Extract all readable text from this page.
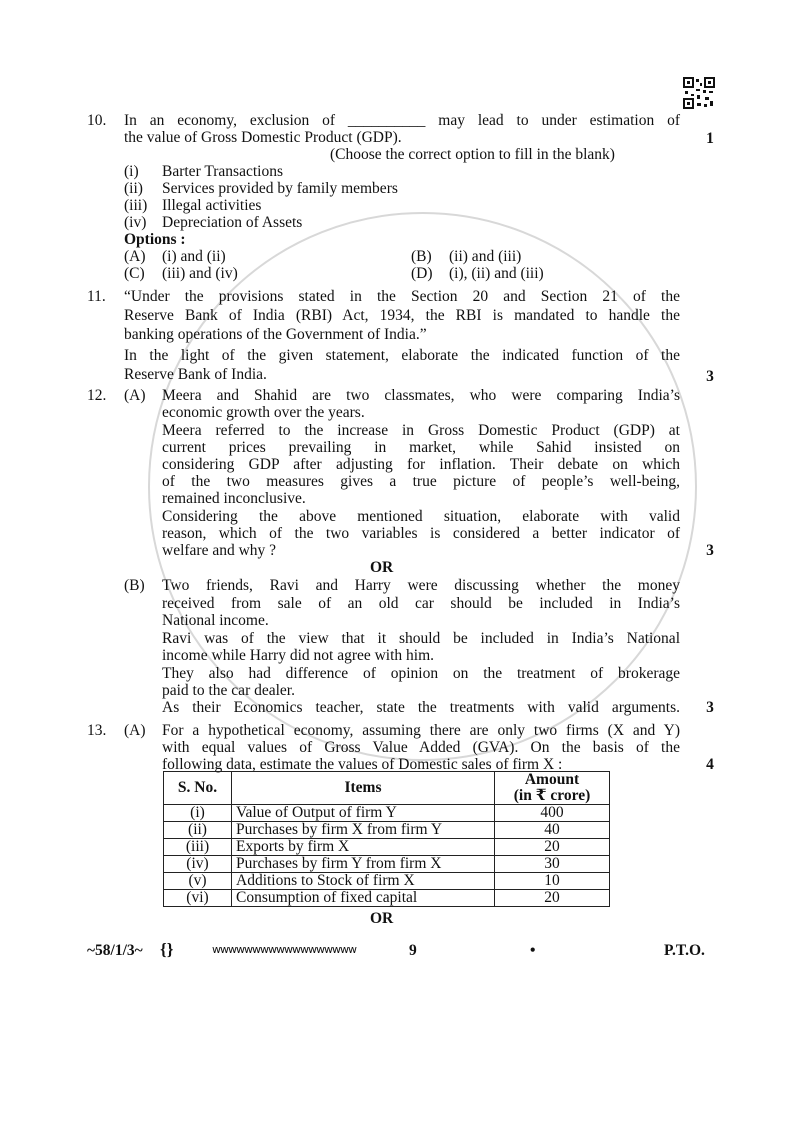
10. In an economy, exclusion of __________ may lead to under estimation of
the value of Gross Domestic Product (GDP).	1
(Choose the correct option to fill in the blank)
(i) Barter Transactions
(ii) Services provided by family members
(iii) Illegal activities
(iv) Depreciation of Assets
Options :
(A) (i) and (ii)	(B) (ii) and (iii)
(C) (iii) and (iv)	(D) (i), (ii) and (iii)
11. “Under the provisions stated in the Section 20 and Section 21 of the
Reserve Bank of India (RBI) Act, 1934, the RBI is mandated to handle the
banking operations of the Government of India.”
In the light of the given statement, elaborate the indicated function of the
Reserve Bank of India.	3
12. (A) Meera and Shahid are two classmates, who were comparing India’s
economic growth over the years.
Meera referred to the increase in Gross Domestic Product (GDP) at
current prices prevailing in market, while Sahid insisted on
considering GDP after adjusting for inflation. Their debate on which
of the two measures gives a true picture of people’s well-being,
remained inconclusive.
Considering the above mentioned situation, elaborate with valid
reason, which of the two variables is considered a better indicator of
welfare and why ?	3
OR
(B) Two friends, Ravi and Harry were discussing whether the money
received from sale of an old car should be included in India’s
National income.
Ravi was of the view that it should be included in India’s National
income while Harry did not agree with him.
They also had difference of opinion on the treatment of brokerage
paid to the car dealer.
As their Economics teacher, state the treatments with valid arguments.	3
13. (A) For a hypothetical economy, assuming there are only two firms (X and Y)
with equal values of Gross Value Added (GVA). On the basis of the
following data, estimate the values of Domestic sales of firm X :	4
S. No.	Items	Amount
(in ₹ crore)

(i)	Value of Output of firm Y	400
(ii)	Purchases by firm X from firm Y	40
(iii)	Exports by firm X	20
(iv)	Purchases by firm Y from firm X	30
(v)	Additions to Stock of firm X	10
(vi)	Consumption of fixed capital	20
OR
~58/1/3~ {}	wwwwwwwwwwwwwwwwww	9	•	P.T.O.
